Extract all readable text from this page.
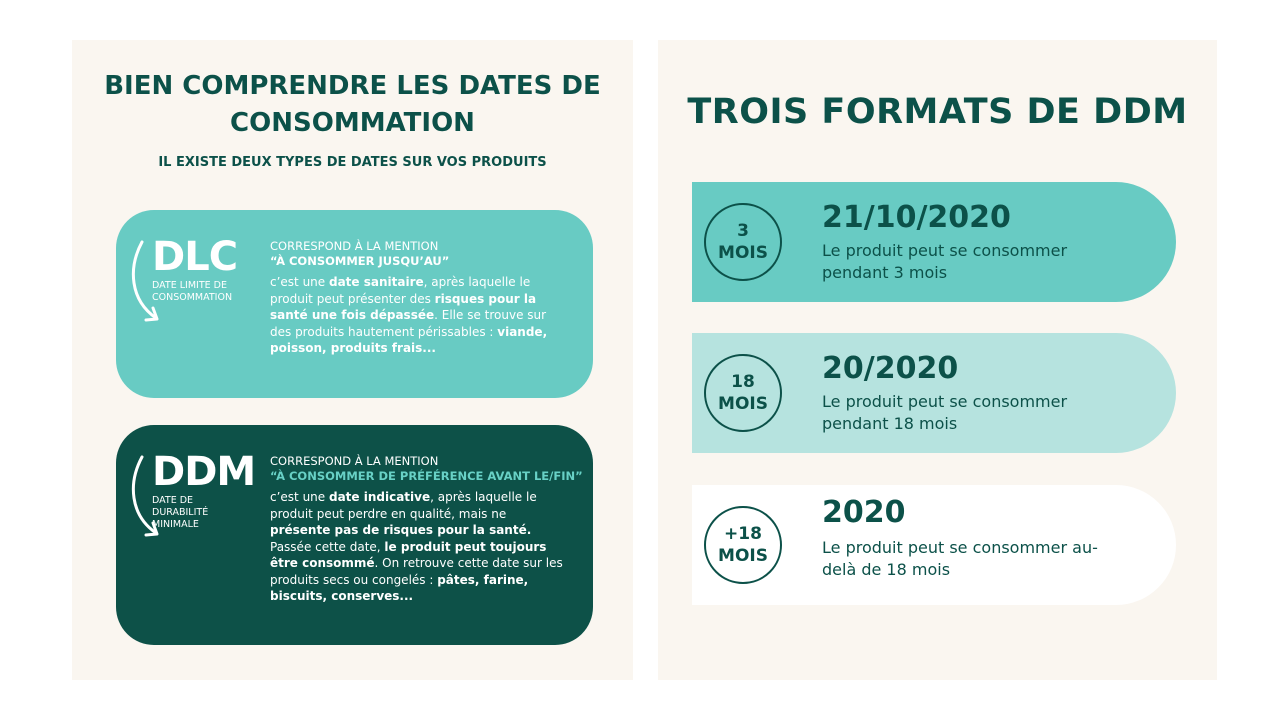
BIEN COMPRENDRE LES DATES DE CONSOMMATION
IL EXISTE DEUX TYPES DE DATES SUR VOS PRODUITS
DLC
DATE LIMITE DE CONSOMMATION
CORRESPOND À LA MENTION
“À CONSOMMER JUSQU’AU”
c’est une date sanitaire, après laquelle le produit peut présenter des risques pour la santé une fois dépassée. Elle se trouve sur des produits hautement périssables : viande, poisson, produits frais...
DDM
DATE DE DURABILITÉ MINIMALE
CORRESPOND À LA MENTION
“À CONSOMMER DE PRÉFÉRENCE AVANT LE/FIN”
c’est une date indicative, après laquelle le produit peut perdre en qualité, mais ne présente pas de risques pour la santé. Passée cette date, le produit peut toujours être consommé. On retrouve cette date sur les produits secs ou congelés : pâtes, farine, biscuits, conserves...
TROIS FORMATS DE DDM
3
MOIS
21/10/2020
Le produit peut se consommer pendant 3 mois
18
MOIS
20/2020
Le produit peut se consommer pendant 18 mois
+18
MOIS
2020
Le produit peut se consommer au-delà de 18 mois
